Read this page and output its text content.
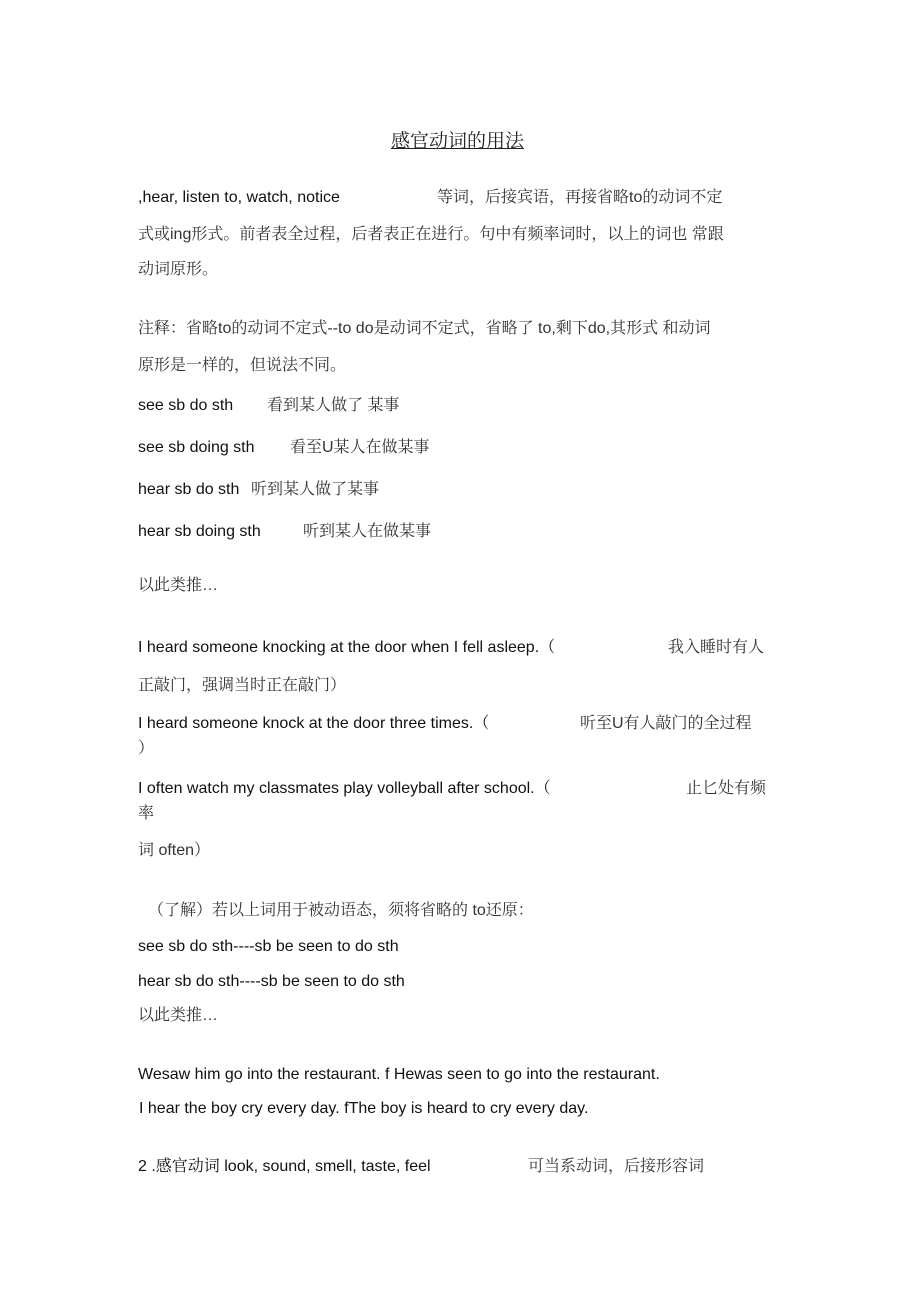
感官动词的用法
,hear, listen to, watch, notice	等词，后接宾语，再接省略to的动词不定
式或ing形式。前者表全过程，后者表正在进行。句中有频率词时，以上的词也 常跟
动词原形。
注释：省略to的动词不定式--to do是动词不定式，省略了 to,剩下do,其形式 和动词
原形是一样的，但说法不同。
see sb do sth 看到某人做了 某事
see sb doing sth 看至U某人在做某事
hear sb do sth 听到某人做了某事
hear sb doing sth	听到某人在做某事
以此类推…
I heard someone knocking at the door when I fell asleep.（	我入睡时有人
正敲门，强调当时正在敲门）
I heard someone knock at the door three times.（	听至U有人敲门的全过程
）
I often watch my classmates play volleyball after school.（	止匕处有频
率
词 often）
（了解）若以上词用于被动语态，须将省略的 to还原：
see sb do sth----sb be seen to do sth
hear sb do sth----sb be seen to do sth
以此类推…
Wesaw him go into the restaurant. f Hewas seen to go into the restaurant.
I hear the boy cry every day. fThe boy is heard to cry every day.
2 .感官动词 look, sound, smell, taste, feel	可当系动词，后接形容词
